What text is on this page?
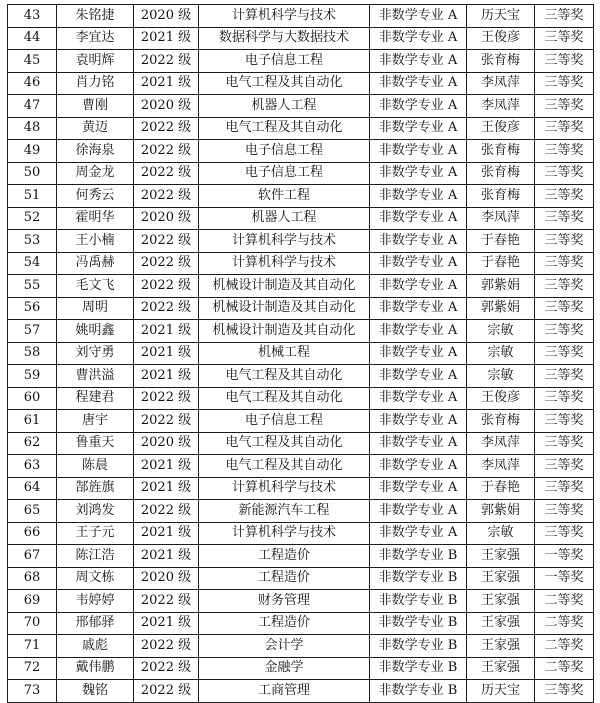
43	朱铭捷	2020 级	计算机科学与技术	非数学专业 A	历天宝	三等奖
44	李宜达	2021 级	数据科学与大数据技术	非数学专业 A	王俊彦	三等奖
45	袁明辉	2022 级	电子信息工程	非数学专业 A	张育梅	三等奖
46	肖力铭	2021 级	电气工程及其自动化	非数学专业 A	李凤萍	三等奖
47	曹刚	2020 级	机器人工程	非数学专业 A	李凤萍	三等奖
48	黄迈	2022 级	电气工程及其自动化	非数学专业 A	王俊彦	三等奖
49	徐海泉	2022 级	电子信息工程	非数学专业 A	张育梅	三等奖
50	周金龙	2022 级	电子信息工程	非数学专业 A	张育梅	三等奖
51	何秀云	2022 级	软件工程	非数学专业 A	张育梅	三等奖
52	霍明华	2020 级	机器人工程	非数学专业 A	李凤萍	三等奖
53	王小楠	2022 级	计算机科学与技术	非数学专业 A	于春艳	三等奖
54	冯禹赫	2022 级	计算机科学与技术	非数学专业 A	于春艳	三等奖
55	毛文飞	2022 级	机械设计制造及其自动化	非数学专业 A	郭紫娟	三等奖
56	周明	2022 级	机械设计制造及其自动化	非数学专业 A	郭紫娟	三等奖
57	姚明鑫	2021 级	机械设计制造及其自动化	非数学专业 A	宗敏	三等奖
58	刘守勇	2021 级	机械工程	非数学专业 A	宗敏	三等奖
59	曹洪溢	2021 级	电气工程及其自动化	非数学专业 A	宗敏	三等奖
60	程建君	2022 级	电气工程及其自动化	非数学专业 A	王俊彦	三等奖
61	唐宇	2022 级	电子信息工程	非数学专业 A	张育梅	三等奖
62	鲁重天	2020 级	电气工程及其自动化	非数学专业 A	李凤萍	三等奖
63	陈晨	2021 级	电气工程及其自动化	非数学专业 A	李凤萍	三等奖
64	郜旌旗	2021 级	计算机科学与技术	非数学专业 A	于春艳	三等奖
65	刘鸿发	2022 级	新能源汽车工程	非数学专业 A	郭紫娟	三等奖
66	王子元	2021 级	计算机科学与技术	非数学专业 A	宗敏	三等奖
67	陈江浩	2021 级	工程造价	非数学专业 B	王家强	一等奖
68	周文栋	2020 级	工程造价	非数学专业 B	王家强	一等奖
69	韦婷婷	2022 级	财务管理	非数学专业 B	王家强	二等奖
70	邢郁驿	2021 级	工程造价	非数学专业 B	王家强	二等奖
71	戚彪	2022 级	会计学	非数学专业 B	王家强	二等奖
72	戴伟鹏	2022 级	金融学	非数学专业 B	王家强	二等奖
73	魏铭	2022 级	工商管理	非数学专业 B	历天宝	三等奖
